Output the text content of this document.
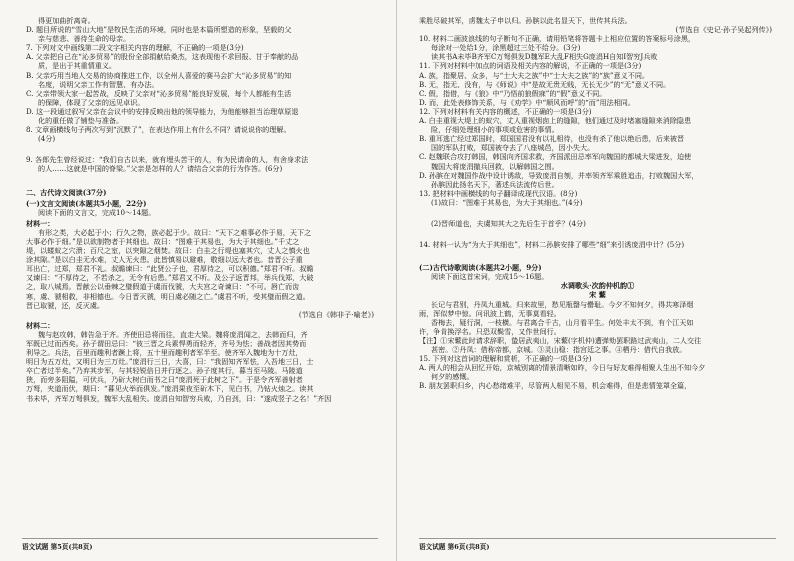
得更加曲折离奇。
D. 题目所说的“雪山大地”是牧民生活的环境，同时也是本篇所塑造的形象，坚毅的父
亲与慈悲、善待生命的母亲。
7. 下列对文中画线第二段文字相关内容的理解，不正确的一项是(3分)
A. 父亲把自己在“沁多贸易”的股份全部捐献给桑杰，这表现他不求回报、甘于奉献的品
质，是出于其重情重义。
B. 父亲巧用当地人交易的协商推进工作，以全州人喜爱的赛马会扩大“沁多贸易”的知
名度，说明父亲工作有智慧、有办法。
C. 父亲带领大家一起苦战，反映了父亲对“沁多贸易”能良好发展，每个人都能有生活
的保障，体现了父亲的远见卓识。
D. 这一段通过叙写父亲在会议中的安排反映出他的领导能力，为他能够担当治理草原退
化的重任做了铺垫与准备。
8. 文章画横线句子两次写到“沉默了”，在表达作用上有什么不同？请说说你的理解。
(4分)
9. 各郎先生曾经说过：“我们自古以来，就有埋头苦干的人，有为民请命的人，有舍身求法
的人……这就是中国的脊梁。”父亲是怎样的人？请结合父亲的行为作答。(6分)
二、古代诗文阅读(37分)
(一)文言文阅读(本题共5小题，22分)
阅读下面的文言文，完成10～14题。
材料一：
有形之类，大必起于小；行久之物，族必起于少。故曰：“天下之难事必作于易，天下之
大事必作于细。”是以欲制物者于其细也。故曰：“图难于其易也，为大于其细也。”千丈之
堤，以蝼蚁之穴溃；百尺之室，以突隙之烟焚。故曰：白圭之行堤也塞其穴，丈人之慎火也
涂其隙。”是以白圭无水难，丈人无火患。此皆慎易以避难，敬细以远大者也。昔晋公子重
耳出亡，过郑，郑君不礼。叔瞻谏曰：“此贤公子也，君厚待之，可以积德。”郑君不听。叔瞻
又谏曰：“不厚待之，不若杀之，无令有后患。”郑君又不听。及公子返晋邦，举兵伐郑，大破
之，取八城焉。晋献公以垂棘之璧假道于虞而伐虢，大夫宫之奇谏曰：“不可。唇亡而齿
寒，虞、虢相救，非相德也。今日晋灭虢，明日虞必随之亡。”虞君不听，受其璧而假之道。
晋已取虢，还，反灭虞。
(节选自《韩非子·喻老》)
材料二：
魏与赵攻韩，韩告急于齐。齐使田忌将而往，直走大梁。魏将庞涓闻之，去韩而归，齐
军既已过而西矣。孙子谓田忌曰：“彼三晋之兵素悍勇而轻齐，齐号为怯；善战者因其势而
利导之。兵法，百里而趣利者蹶上将，五十里而趣利者军半至。使齐军入魏地为十万灶，
明日为五万灶，又明日为三万灶。”庞涓行三日，大喜，曰：“我固知齐军怯，入吾地三日，士
卒亡者过半矣。”乃弃其步军，与其轻锐倍日并行逐之。孙子度其行，暮当至马陵。马陵道
狭，而旁多阻隘，可伏兵，乃斫大树白而书之曰“庞涓死于此树之下”。于是令齐军善射者
万弩，夹道而伏，期曰：“暮见火举而俱发。”庞涓果夜至斫木下，见白书，乃钻火烛之。读其
书未毕，齐军万弩俱发，魏军大乱相失。庞涓自知智穷兵败，乃自刭，曰：“遂成竖子之名！”齐因
语文试题 第5页(共8页)
乘胜尽破其军，虏魏太子申以归。孙膑以此名显天下，世传其兵法。
(节选自《史记·孙子吴起列传》)
10. 材料二画波浪线的句子断句不正确，请用铅笔将答题卡上相应位置的答案标号涂黑，
每涂对一处给1分，涂黑超过三处不给分。(3分)
读其书A未毕B齐军C万弩俱发D魏军E大乱F相失G庞涓H自知I智穷J兵败
11. 下列对材料中加点的词语及相关内容的解说，不正确的一项是(3分)
A. 族，指聚居、众多，与“士大夫之族”中“士大夫之族”的“族”意义不同。
B. 无，指无、没有，与《师说》中“是故无贵无贱，无长无少”的“无”意义不同。
C. 假，指借，与《狼》中“乃悟前狼假寐”的“假”意义不同。
D. 而，此处表修饰关系，与《劝学》中“顺风而呼”的“而”用法相同。
12. 下列对材料有关内容的概述，不正确的一项是(3分)
A. 白圭重视大堤上的蚁穴，丈人重视烟囱上的缝隙，他们通过及时堵塞缝隙来消除隐患
险，仔细处理细小的事项或危害的事情。
B. 重耳逃亡经过郑国时，郑国国君没有以礼相待，也没有杀了他以绝后患，后来被晋
国的军队打败，郑国被夺去了八座城邑，因小失大。
C. 赵魏联合攻打韩国，韩国向齐国求救，齐国派田忌率军向魏国的都城大梁进发，迫使
魏国大将庞涓撤兵回救，以解韩国之围。
D. 孙膑在对魏国作战中设计诱敌，导致庞涓自刎，并率领齐军乘胜追击，打败魏国大军，
孙膑因此扬名天下，著述兵法流传后世。
13. 把材料中画横线的句子翻译成现代汉语。(8分)
(1)故曰：“图难于其易也，为大于其细也。”(4分)
(2)晋师道也，夫虞知其大之先后生于首乎？(4分)
14. 材料一认为“为大于其细也”，材料二孙膑安排了哪些“细”来引诱庞涓中计？(5分)
(二)古代诗歌阅读(本题共2小题，9分)
阅读下面这首宋词，完成15～16题。
水调歌头·次韵仲机韵①
宋 蘩
长记与君别，丹凤九重城。归来故里，愁见瓶罄与罍耻。今夕不知何夕，得共寒泽烟
雨，浑似梦中惊。问讯波上鹤，无事莫看轻。
香梅去，疑行洞，一枝横。与君离合千古，山月看平生。何处丰太不到，有个江天如
许，争肯换浮名。只恐双鬓雪，又作世间行。
【注】①宋蘩此时请求辞职，蛰居武夷山，宋蘩(字机仲)遭弹劾罢职路过武夷山，二人交往
甚密。②丹凤：借称帝都，京城。③灵山稳：指宫廷之事。④栖丹：借代自我放。
15. 下列对这首词的理解和赏析，不正确的一项是(3分)
A. 两人的相会从回忆开始，京城别离的情景清晰如昨，今日与好友难得相聚人生出不知今夕
何夕的感慨。
B. 朋友罢职归乡，内心愁绪难平，尽管两人相见不易，机会难得，但是悲情笼罩全篇，
语文试题 第6页(共8页)
